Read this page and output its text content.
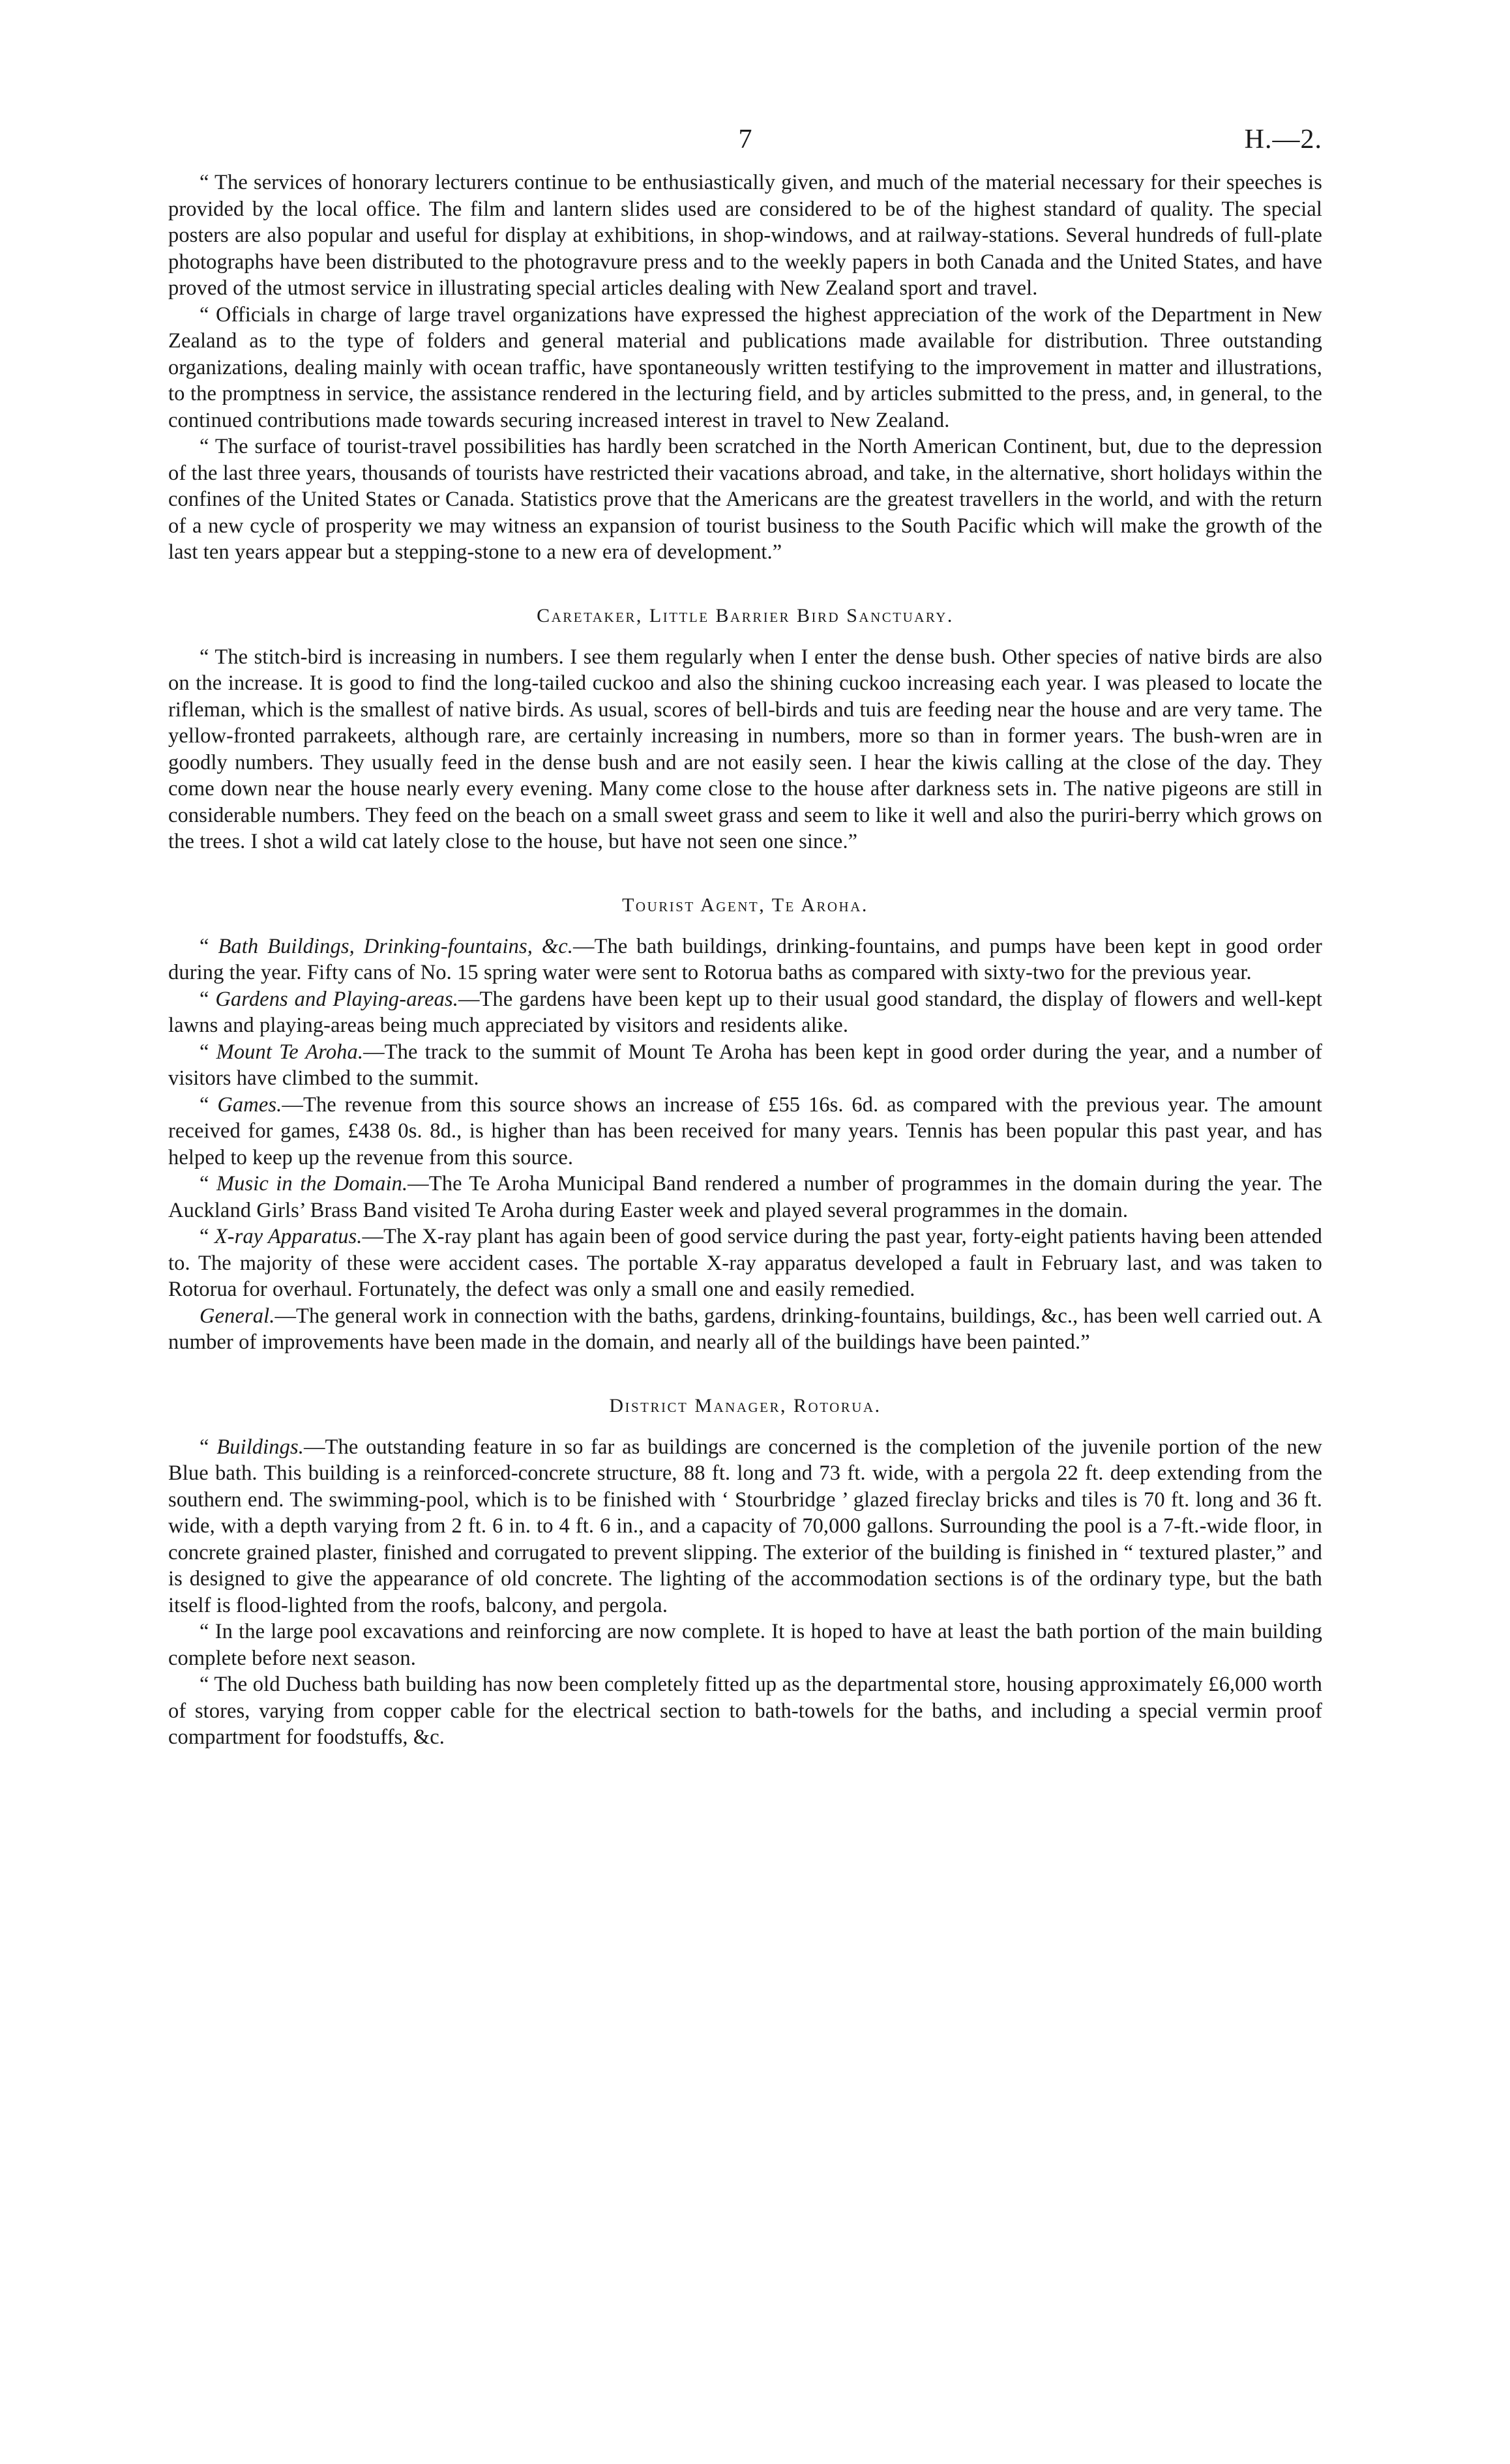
7	H.—2.

“ The services of honorary lecturers continue to be enthusiastically given, and much of the material necessary for their speeches is provided by the local office. The film and lantern slides used are considered to be of the highest standard of quality. The special posters are also popular and useful for display at exhibitions, in shop-windows, and at railway-stations. Several hundreds of full-plate photographs have been distributed to the photogravure press and to the weekly papers in both Canada and the United States, and have proved of the utmost service in illustrating special articles dealing with New Zealand sport and travel.

“ Officials in charge of large travel organizations have expressed the highest appreciation of the work of the Department in New Zealand as to the type of folders and general material and publications made available for distribution. Three outstanding organizations, dealing mainly with ocean traffic, have spontaneously written testifying to the improvement in matter and illustrations, to the promptness in service, the assistance rendered in the lecturing field, and by articles submitted to the press, and, in general, to the continued contributions made towards securing increased interest in travel to New Zealand.

“ The surface of tourist-travel possibilities has hardly been scratched in the North American Continent, but, due to the depression of the last three years, thousands of tourists have restricted their vacations abroad, and take, in the alternative, short holidays within the confines of the United States or Canada. Statistics prove that the Americans are the greatest travellers in the world, and with the return of a new cycle of prosperity we may witness an expansion of tourist business to the South Pacific which will make the growth of the last ten years appear but a stepping-stone to a new era of development.”

Caretaker, Little Barrier Bird Sanctuary.

“ The stitch-bird is increasing in numbers. I see them regularly when I enter the dense bush. Other species of native birds are also on the increase. It is good to find the long-tailed cuckoo and also the shining cuckoo increasing each year. I was pleased to locate the rifleman, which is the smallest of native birds. As usual, scores of bell-birds and tuis are feeding near the house and are very tame. The yellow-fronted parrakeets, although rare, are certainly increasing in numbers, more so than in former years. The bush-wren are in goodly numbers. They usually feed in the dense bush and are not easily seen. I hear the kiwis calling at the close of the day. They come down near the house nearly every evening. Many come close to the house after darkness sets in. The native pigeons are still in considerable numbers. They feed on the beach on a small sweet grass and seem to like it well and also the puriri-berry which grows on the trees. I shot a wild cat lately close to the house, but have not seen one since.”

Tourist Agent, Te Aroha.

“ Bath Buildings, Drinking-fountains, &c.—The bath buildings, drinking-fountains, and pumps have been kept in good order during the year. Fifty cans of No. 15 spring water were sent to Rotorua baths as compared with sixty-two for the previous year.

“ Gardens and Playing-areas.—The gardens have been kept up to their usual good standard, the display of flowers and well-kept lawns and playing-areas being much appreciated by visitors and residents alike.

“ Mount Te Aroha.—The track to the summit of Mount Te Aroha has been kept in good order during the year, and a number of visitors have climbed to the summit.

“ Games.—The revenue from this source shows an increase of £55 16s. 6d. as compared with the previous year. The amount received for games, £438 0s. 8d., is higher than has been received for many years. Tennis has been popular this past year, and has helped to keep up the revenue from this source.

“ Music in the Domain.—The Te Aroha Municipal Band rendered a number of programmes in the domain during the year. The Auckland Girls’ Brass Band visited Te Aroha during Easter week and played several programmes in the domain.

“ X-ray Apparatus.—The X-ray plant has again been of good service during the past year, forty-eight patients having been attended to. The majority of these were accident cases. The portable X-ray apparatus developed a fault in February last, and was taken to Rotorua for overhaul. Fortunately, the defect was only a small one and easily remedied.

General.—The general work in connection with the baths, gardens, drinking-fountains, buildings, &c., has been well carried out. A number of improvements have been made in the domain, and nearly all of the buildings have been painted.”

District Manager, Rotorua.

“ Buildings.—The outstanding feature in so far as buildings are concerned is the completion of the juvenile portion of the new Blue bath. This building is a reinforced-concrete structure, 88 ft. long and 73 ft. wide, with a pergola 22 ft. deep extending from the southern end. The swimming-pool, which is to be finished with ‘ Stourbridge ’ glazed fireclay bricks and tiles is 70 ft. long and 36 ft. wide, with a depth varying from 2 ft. 6 in. to 4 ft. 6 in., and a capacity of 70,000 gallons. Surrounding the pool is a 7-ft.-wide floor, in concrete grained plaster, finished and corrugated to prevent slipping. The exterior of the building is finished in “ textured plaster,” and is designed to give the appearance of old concrete. The lighting of the accommodation sections is of the ordinary type, but the bath itself is flood-lighted from the roofs, balcony, and pergola.

“ In the large pool excavations and reinforcing are now complete. It is hoped to have at least the bath portion of the main building complete before next season.

“ The old Duchess bath building has now been completely fitted up as the departmental store, housing approximately £6,000 worth of stores, varying from copper cable for the electrical section to bath-towels for the baths, and including a special vermin proof compartment for foodstuffs, &c.
